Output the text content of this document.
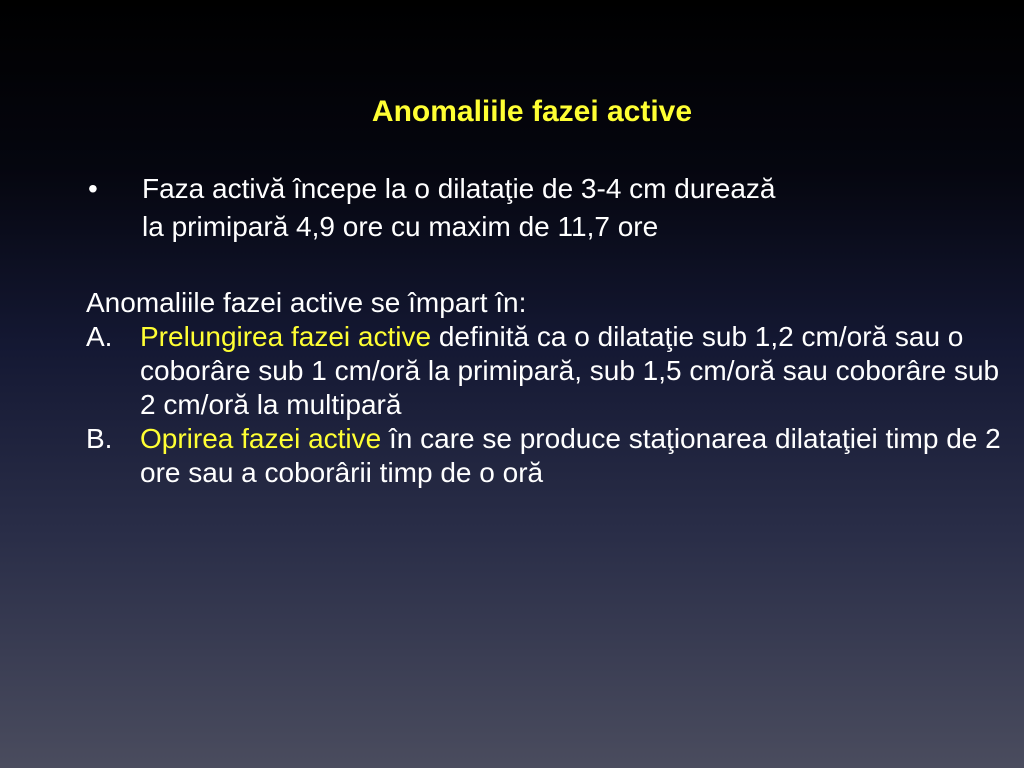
Anomaliile fazei active
• Faza activă începe la o dilataţie de 3-4 cm durează
la primipară 4,9 ore cu maxim de 11,7 ore
Anomaliile fazei active se împart în:
A. Prelungirea fazei active definită ca o dilataţie sub 1,2 cm/oră sau o coborâre sub 1 cm/oră la primipară, sub 1,5 cm/oră sau coborâre sub 2 cm/oră la multipară
B. Oprirea fazei active în care se produce staţionarea dilataţiei timp de 2 ore sau a coborârii timp de o oră
